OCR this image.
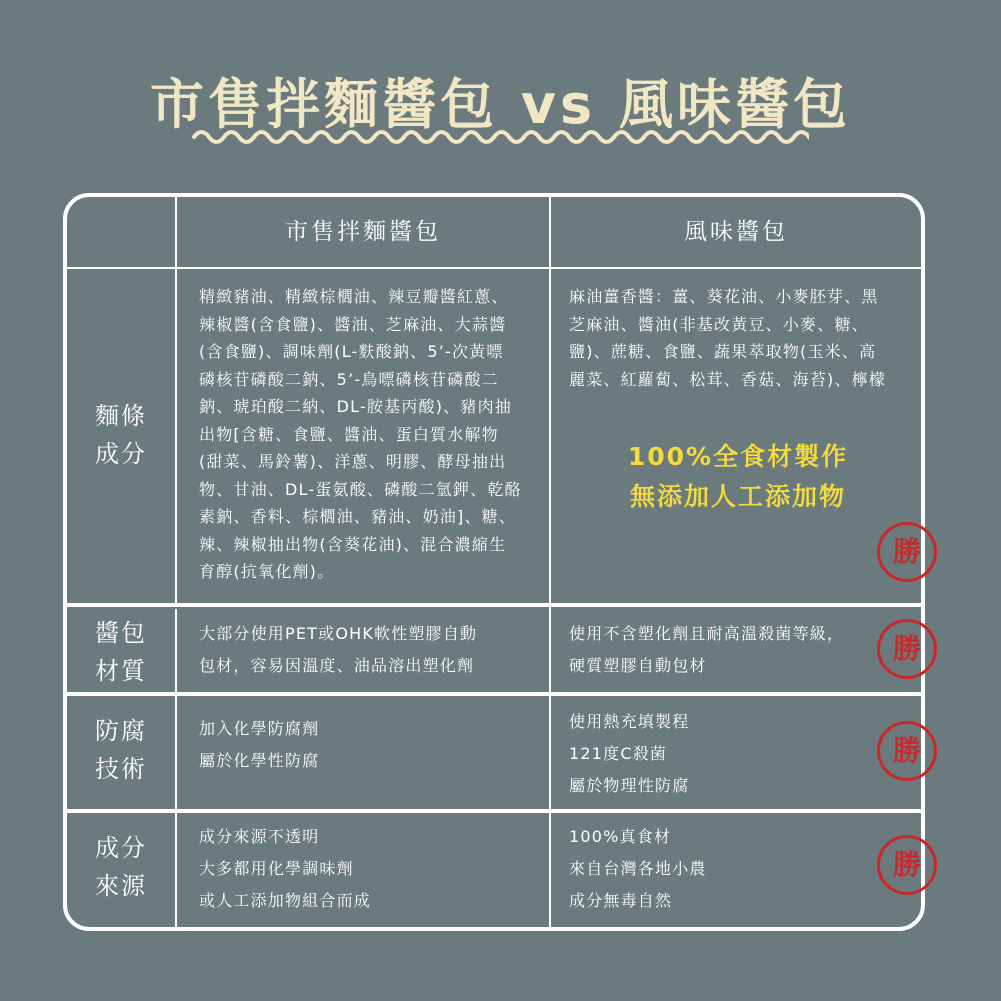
市售拌麵醬包 vs 風味醬包
市售拌麵醬包	風味醬包
麵條
成分
精緻豬油、精緻棕櫚油、辣豆瓣醬紅蔥、
辣椒醬(含食鹽)、醬油、芝麻油、大蒜醬
(含食鹽)、調味劑(L-麩酸鈉、5’-次黃嘌
磷核苷磷酸二鈉、5’-鳥嘌磷核苷磷酸二
鈉、琥珀酸二納、DL-胺基丙酸)、豬肉抽
出物[含糖、食鹽、醬油、蛋白質水解物
(甜菜、馬鈴薯)、洋蔥、明膠、酵母抽出
物、甘油、DL-蛋氨酸、磷酸二氫鉀、乾酪
素鈉、香料、棕櫚油、豬油、奶油]、糖、
辣、辣椒抽出物(含葵花油)、混合濃縮生
育醇(抗氧化劑)。
麻油薑香醬：薑、葵花油、小麥胚芽、黑
芝麻油、醬油(非基改黃豆、小麥、糖、
鹽)、蔗糖、食鹽、蔬果萃取物(玉米、高
麗菜、紅蘿蔔、松茸、香菇、海苔)、檸檬
100%全食材製作
無添加人工添加物
醬包
材質
大部分使用PET或OHK軟性塑膠自動
包材，容易因溫度、油品溶出塑化劑
使用不含塑化劑且耐高溫殺菌等級，
硬質塑膠自動包材
防腐
技術
加入化學防腐劑
屬於化學性防腐
使用熱充填製程
121度C殺菌
屬於物理性防腐
成分
來源
成分來源不透明
大多都用化學調味劑
或人工添加物組合而成
100%真食材
來自台灣各地小農
成分無毒自然
勝
勝
勝
勝
